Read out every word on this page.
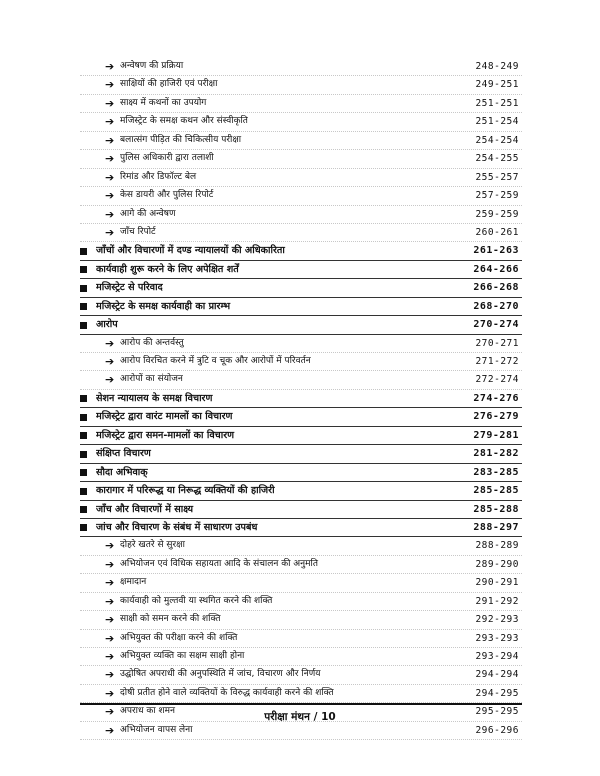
➔ अन्वेषण की प्रक्रिया	248-249
➔ साक्षियों की हाजिरी एवं परीक्षा	249-251
➔ साक्ष्य में कथनों का उपयोग	251-251
➔ मजिस्ट्रेट के समक्ष कथन और संस्वीकृति	251-254
➔ बलात्संग पीड़ित की चिकित्सीय परीक्षा	254-254
➔ पुलिस अधिकारी द्वारा तलाशी	254-255
➔ रिमांड और डिफॉल्ट बेल	255-257
➔ केस डायरी और पुलिस रिपोर्ट	257-259
➔ आगे की अन्वेषण	259-259
➔ जाँच रिपोर्ट	260-261
जाँचों और विचारणों में दण्ड न्यायालयों की अधिकारिता	261-263
कार्यवाही शुरू करने के लिए अपेक्षित शर्तें	264-266
मजिस्ट्रेट से परिवाद	266-268
मजिस्ट्रेट के समक्ष कार्यवाही का प्रारम्भ	268-270
आरोप	270-274
➔ आरोप की अन्तर्वस्तु	270-271
➔ आरोप विरचित करने में त्रुटि व चूक और आरोपों में परिवर्तन	271-272
➔ आरोपों का संयोजन	272-274
सेशन न्यायालय के समक्ष विचारण	274-276
मजिस्ट्रेट द्वारा वारंट मामलों का विचारण	276-279
मजिस्ट्रेट द्वारा समन-मामलों का विचारण	279-281
संक्षिप्त विचारण	281-282
सौदा अभिवाक्	283-285
कारागार में परिरूद्ध या निरूद्ध व्यक्तियों की हाजिरी	285-285
जाँच और विचारणों में साक्ष्य	285-288
जांच और विचारण के संबंध में साधारण उपबंध	288-297
➔ दोहरे खतरे से सुरक्षा	288-289
➔ अभियोजन एवं विधिक सहायता आदि के संचालन की अनुमति	289-290
➔ क्षमादान	290-291
➔ कार्यवाही को मुल्तवी या स्थगित करने की शक्ति	291-292
➔ साक्षी को समन करने की शक्ति	292-293
➔ अभियुक्त की परीक्षा करने की शक्ति	293-293
➔ अभियुक्त व्यक्ति का सक्षम साक्षी होना	293-294
➔ उद्घोषित अपराधी की अनुपस्थिति में जांच, विचारण और निर्णय	294-294
➔ दोषी प्रतीत होने वाले व्यक्तियों के विरुद्ध कार्यवाही करने की शक्ति	294-295
➔ अपराध का शमन	295-295
➔ अभियोजन वापस लेना	296-296
परीक्षा मंथन / 10
